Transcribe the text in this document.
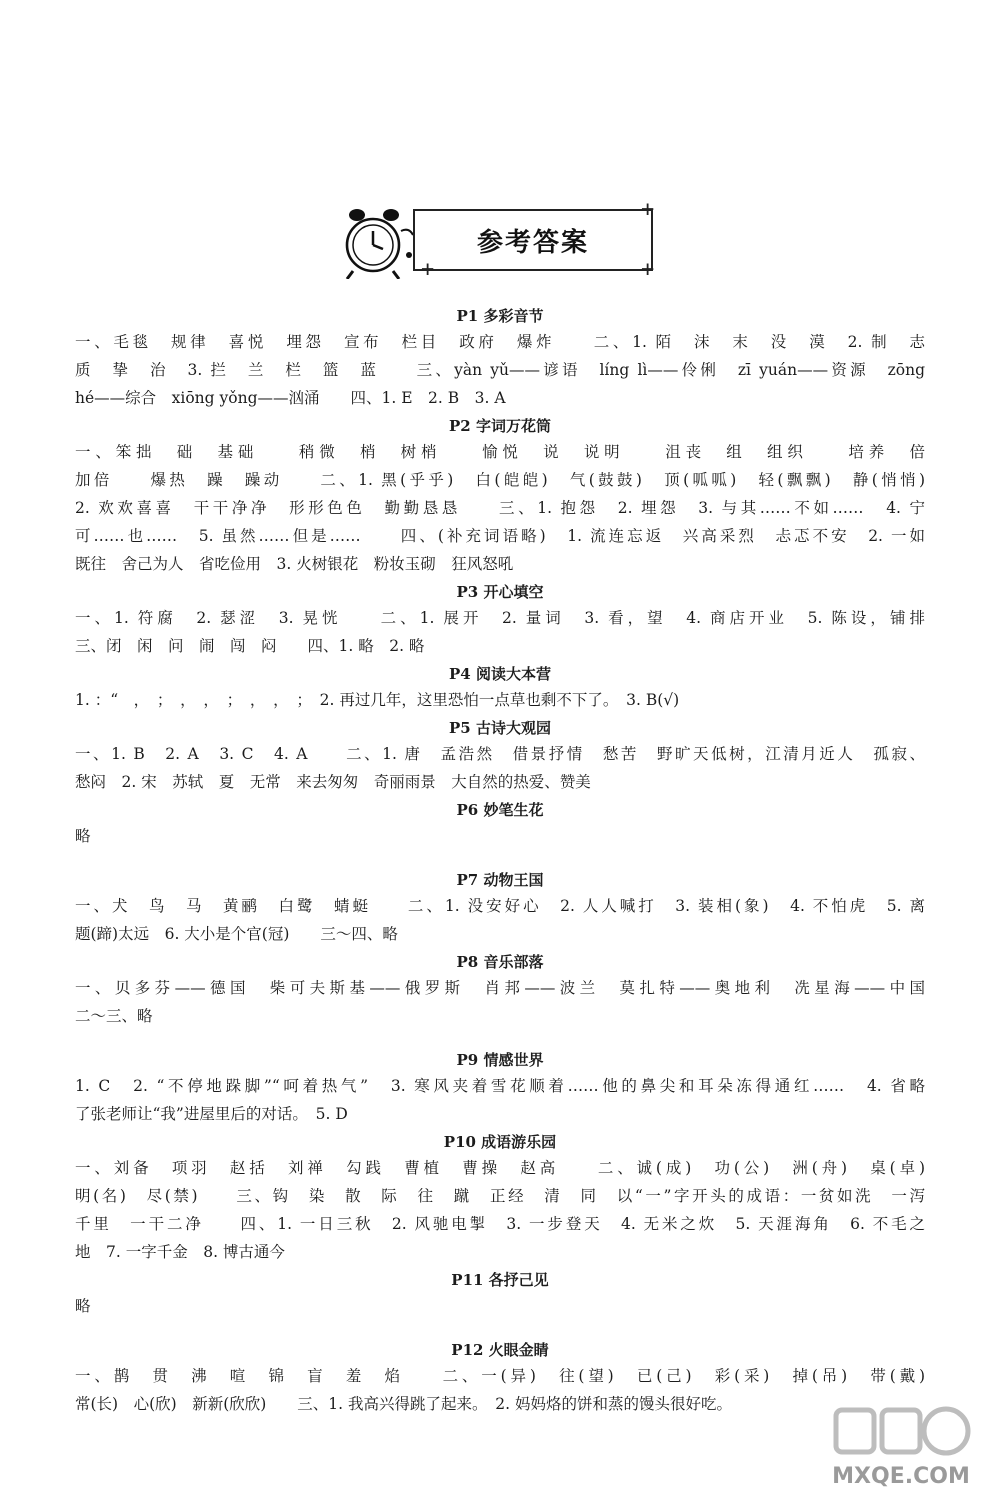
参考答案
+
+
+
P1 多彩音节
一、毛毯　规律　喜悦　埋怨　宣布　栏目　政府　爆炸　　二、1. 陌　沫　末　没　漠　2. 制　志
质　挚　治　3. 拦　兰　栏　篮　蓝　　三、yàn yǔ——谚语　líng lì——伶俐　zī yuán——资源　zōng
hé——综合　xiōng yǒng——汹涌　　四、1. E　2. B　3. A
P2 字词万花筒
一、笨拙　础　基础　　稍微　梢　树梢　　愉悦　说　说明　　沮丧　组　组织　　培养　倍
加倍　　爆热　躁　躁动　　二、1. 黑(乎乎)　白(皑皑)　气(鼓鼓)　顶(呱呱)　轻(飘飘)　静(悄悄)
2. 欢欢喜喜　干干净净　形形色色　勤勤恳恳　　三、1. 抱怨　2. 埋怨　3. 与其……不如……　4. 宁
可……也……　5. 虽然……但是……　　四、(补充词语略)　1. 流连忘返　兴高采烈　忐忑不安　2. 一如
既往　舍己为人　省吃俭用　3. 火树银花　粉妆玉砌　狂风怒吼
P3 开心填空
一、1. 符腐　2. 瑟涩　3. 晃恍　　二、1. 展开　2. 量词　3. 看，望　4. 商店开业　5. 陈设，铺排
三、闭　闲　问　闹　闯　闷　　四、1. 略　2. 略
P4 阅读大本营
1. ：“　，　；　，　，　；　，　，　；　2. 再过几年，这里恐怕一点草也剩不下了。　3. B(√)
P5 古诗大观园
一、1. B　2. A　3. C　4. A　　二、1. 唐　孟浩然　借景抒情　愁苦　野旷天低树，江清月近人　孤寂、
愁闷　2. 宋　苏轼　夏　无常　来去匆匆　奇丽雨景　大自然的热爱、赞美
P6 妙笔生花
略
P7 动物王国
一、犬　鸟　马　黄鹂　白鹭　蜻蜓　　二、1. 没安好心　2. 人人喊打　3. 装相(象)　4. 不怕虎　5. 离
题(蹄)太远　6. 大小是个官(冠)　　三～四、略
P8 音乐部落
一、贝多芬——德国　柴可夫斯基——俄罗斯　肖邦——波兰　莫扎特——奥地利　冼星海——中国
二～三、略
P9 情感世界
1. C　2. “不停地跺脚”“呵着热气”　3. 寒风夹着雪花顺着……他的鼻尖和耳朵冻得通红……　4. 省略
了张老师让“我”进屋里后的对话。　5. D
P10 成语游乐园
一、刘备　项羽　赵括　刘禅　勾践　曹植　曹操　赵高　　二、诚(成)　功(公)　洲(舟)　桌(卓)
明(名)　尽(禁)　　三、钩　染　散　际　往　蹴　正经　清　同　以“一”字开头的成语：一贫如洗　一泻
千里　一干二净　　四、1. 一日三秋　2. 风驰电掣　3. 一步登天　4. 无米之炊　5. 天涯海角　6. 不毛之
地　7. 一字千金　8. 博古通今
P11 各抒己见
略
P12 火眼金睛
一、鹊　贯　沸　喧　锦　盲　羞　焰　　二、一(异)　往(望)　已(己)　彩(采)　掉(吊)　带(戴)
常(长)　心(欣)　新新(欣欣)　　三、1. 我高兴得跳了起来。　2. 妈妈烙的饼和蒸的馒头很好吃。
MXQE.COM
